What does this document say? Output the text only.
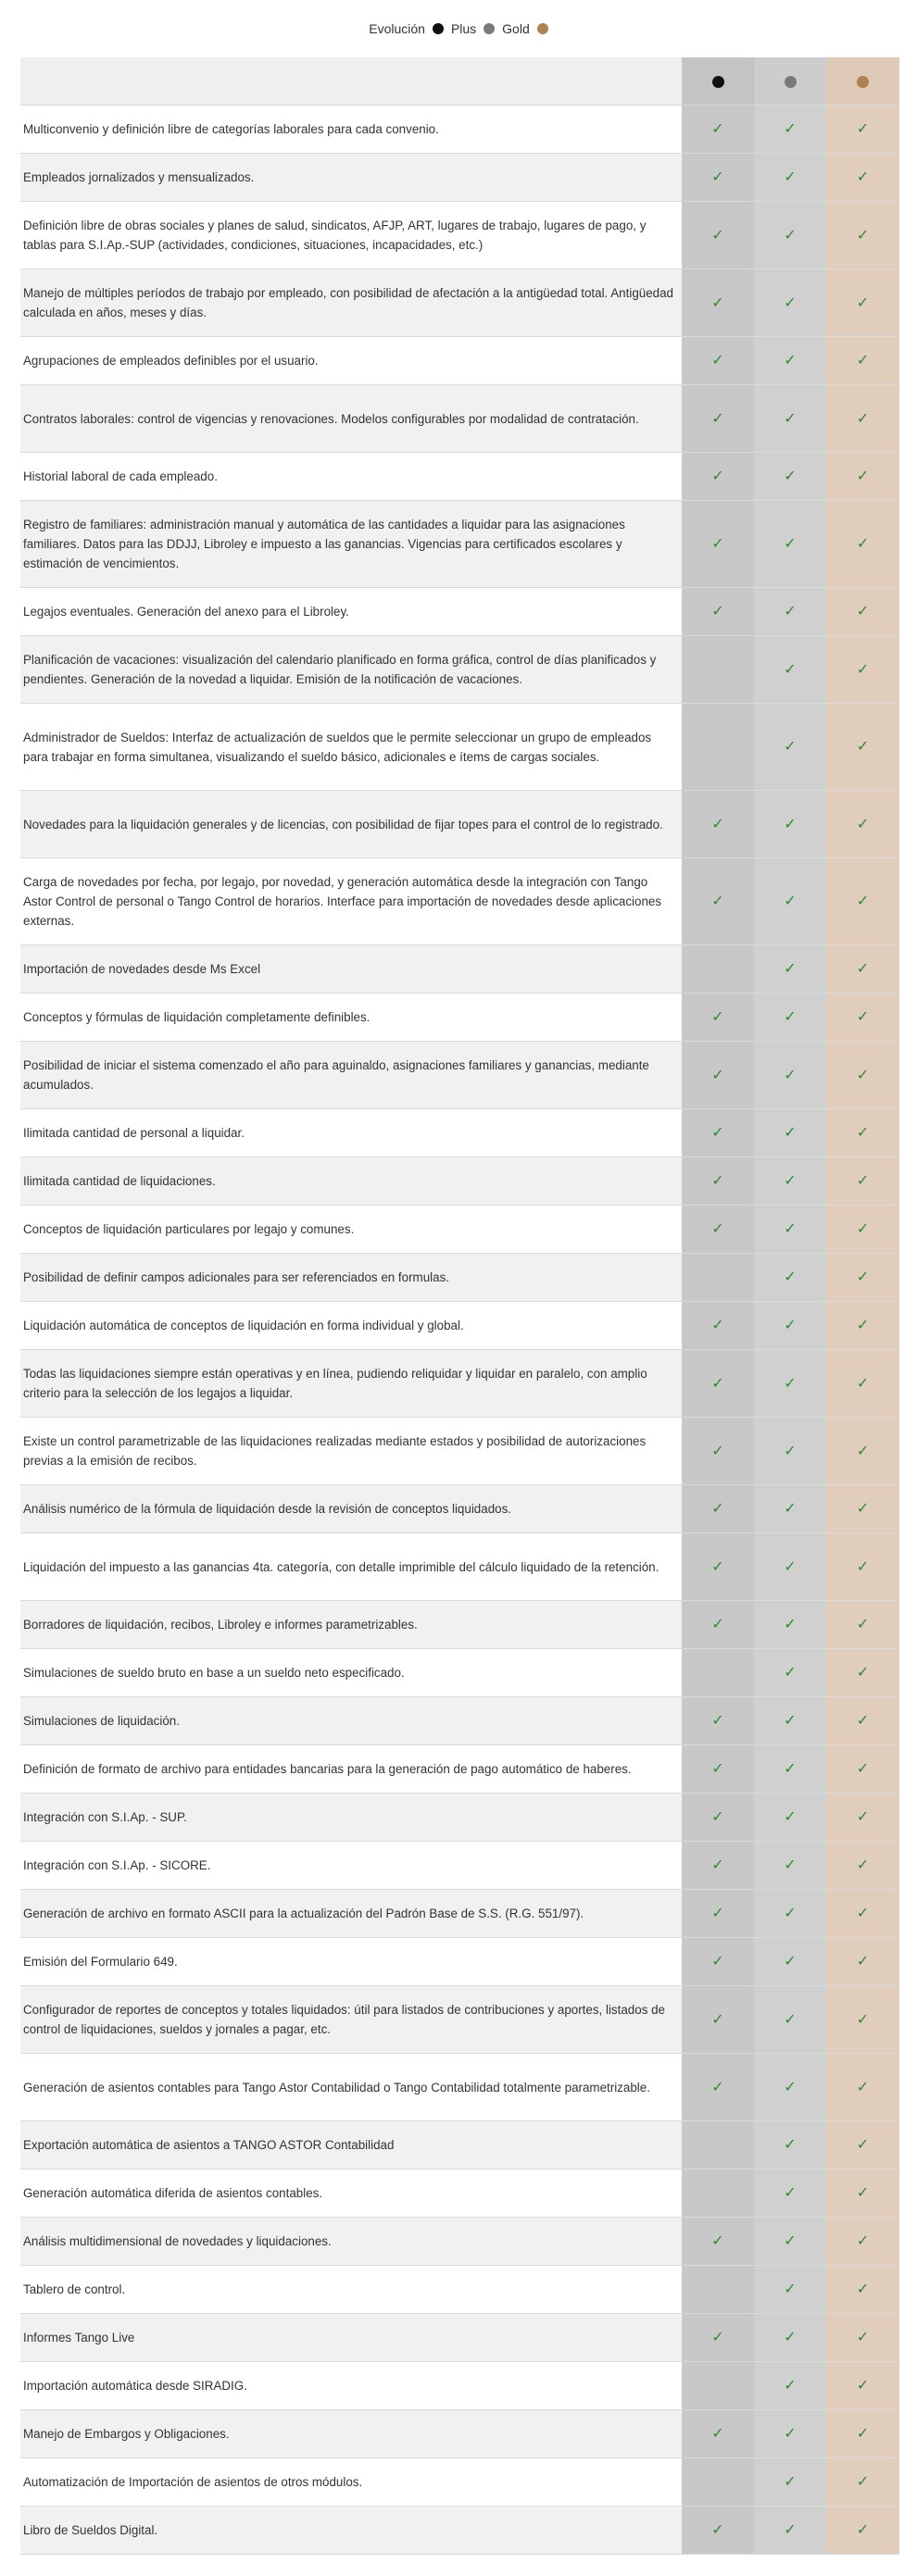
Evolución Plus Gold

Multiconvenio y definición libre de categorías laborales para cada convenio.	✓	✓	✓
Empleados jornalizados y mensualizados.	✓	✓	✓
Definición libre de obras sociales y planes de salud, sindicatos, AFJP, ART, lugares de trabajo, lugares de pago, y tablas para S.I.Ap.-SUP (actividades, condiciones, situaciones, incapacidades, etc.)	✓	✓	✓
Manejo de múltiples períodos de trabajo por empleado, con posibilidad de afectación a la antigüedad total. Antigüedad calculada en años, meses y días.	✓	✓	✓
Agrupaciones de empleados definibles por el usuario.	✓	✓	✓
Contratos laborales: control de vigencias y renovaciones. Modelos configurables por modalidad de contratación.	✓	✓	✓
Historial laboral de cada empleado.	✓	✓	✓
Registro de familiares: administración manual y automática de las cantidades a liquidar para las asignaciones familiares. Datos para las DDJJ, Libroley e impuesto a las ganancias. Vigencias para certificados escolares y estimación de vencimientos.	✓	✓	✓
Legajos eventuales. Generación del anexo para el Libroley.	✓	✓	✓
Planificación de vacaciones: visualización del calendario planificado en forma gráfica, control de días planificados y pendientes. Generación de la novedad a liquidar. Emisión de la notificación de vacaciones.		✓	✓
Administrador de Sueldos: Interfaz de actualización de sueldos que le permite seleccionar un grupo de empleados para trabajar en forma simultanea, visualizando el sueldo básico, adicionales e ítems de cargas sociales.		✓	✓
Novedades para la liquidación generales y de licencias, con posibilidad de fijar topes para el control de lo registrado.	✓	✓	✓
Carga de novedades por fecha, por legajo, por novedad, y generación automática desde la integración con Tango Astor Control de personal o Tango Control de horarios. Interface para importación de novedades desde aplicaciones externas.	✓	✓	✓
Importación de novedades desde Ms Excel		✓	✓
Conceptos y fórmulas de liquidación completamente definibles.	✓	✓	✓
Posibilidad de iniciar el sistema comenzado el año para aguinaldo, asignaciones familiares y ganancias, mediante acumulados.	✓	✓	✓
Ilimitada cantidad de personal a liquidar.	✓	✓	✓
Ilimitada cantidad de liquidaciones.	✓	✓	✓
Conceptos de liquidación particulares por legajo y comunes.	✓	✓	✓
Posibilidad de definir campos adicionales para ser referenciados en formulas.		✓	✓
Liquidación automática de conceptos de liquidación en forma individual y global.	✓	✓	✓
Todas las liquidaciones siempre están operativas y en línea, pudiendo reliquidar y liquidar en paralelo, con amplio criterio para la selección de los legajos a liquidar.	✓	✓	✓
Existe un control parametrizable de las liquidaciones realizadas mediante estados y posibilidad de autorizaciones previas a la emisión de recibos.	✓	✓	✓
Análisis numérico de la fórmula de liquidación desde la revisión de conceptos liquidados.	✓	✓	✓
Liquidación del impuesto a las ganancias 4ta. categoría, con detalle imprimible del cálculo liquidado de la retención.	✓	✓	✓
Borradores de liquidación, recibos, Libroley e informes parametrizables.	✓	✓	✓
Simulaciones de sueldo bruto en base a un sueldo neto especificado.		✓	✓
Simulaciones de liquidación.	✓	✓	✓
Definición de formato de archivo para entidades bancarias para la generación de pago automático de haberes.	✓	✓	✓
Integración con S.I.Ap. - SUP.	✓	✓	✓
Integración con S.I.Ap. - SICORE.	✓	✓	✓
Generación de archivo en formato ASCII para la actualización del Padrón Base de S.S. (R.G. 551/97).	✓	✓	✓
Emisión del Formulario 649.	✓	✓	✓
Configurador de reportes de conceptos y totales liquidados: útil para listados de contribuciones y aportes, listados de control de liquidaciones, sueldos y jornales a pagar, etc.	✓	✓	✓
Generación de asientos contables para Tango Astor Contabilidad o Tango Contabilidad totalmente parametrizable.	✓	✓	✓
Exportación automática de asientos a TANGO ASTOR Contabilidad		✓	✓
Generación automática diferida de asientos contables.		✓	✓
Análisis multidimensional de novedades y liquidaciones.	✓	✓	✓
Tablero de control.		✓	✓
Informes Tango Live	✓	✓	✓
Importación automática desde SIRADIG.		✓	✓
Manejo de Embargos y Obligaciones.	✓	✓	✓
Automatización de Importación de asientos de otros módulos.		✓	✓
Libro de Sueldos Digital.	✓	✓	✓
